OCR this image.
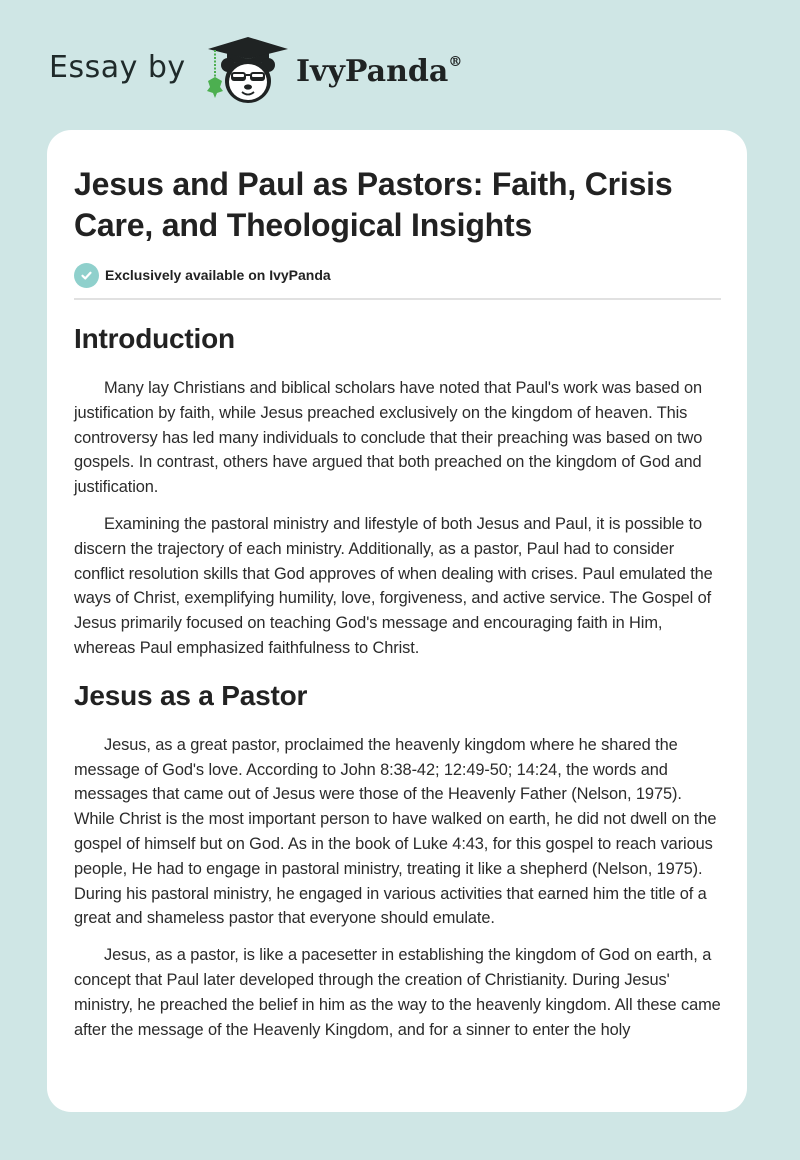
Essay by	IvyPanda®
Jesus and Paul as Pastors: Faith, Crisis Care, and Theological Insights
Exclusively available on IvyPanda
Introduction

Many lay Christians and biblical scholars have noted that Paul's work was based on justification by faith, while Jesus preached exclusively on the kingdom of heaven. This controversy has led many individuals to conclude that their preaching was based on two gospels. In contrast, others have argued that both preached on the kingdom of God and justification.

Examining the pastoral ministry and lifestyle of both Jesus and Paul, it is possible to discern the trajectory of each ministry. Additionally, as a pastor, Paul had to consider conflict resolution skills that God approves of when dealing with crises. Paul emulated the ways of Christ, exemplifying humility, love, forgiveness, and active service. The Gospel of Jesus primarily focused on teaching God's message and encouraging faith in Him, whereas Paul emphasized faithfulness to Christ.

Jesus as a Pastor

Jesus, as a great pastor, proclaimed the heavenly kingdom where he shared the message of God's love. According to John 8:38-42; 12:49-50; 14:24, the words and messages that came out of Jesus were those of the Heavenly Father (Nelson, 1975). While Christ is the most important person to have walked on earth, he did not dwell on the gospel of himself but on God. As in the book of Luke 4:43, for this gospel to reach various people, He had to engage in pastoral ministry, treating it like a shepherd (Nelson, 1975). During his pastoral ministry, he engaged in various activities that earned him the title of a great and shameless pastor that everyone should emulate.

Jesus, as a pastor, is like a pacesetter in establishing the kingdom of God on earth, a concept that Paul later developed through the creation of Christianity. During Jesus' ministry, he preached the belief in him as the way to the heavenly kingdom. All these came after the message of the Heavenly Kingdom, and for a sinner to enter the holy
